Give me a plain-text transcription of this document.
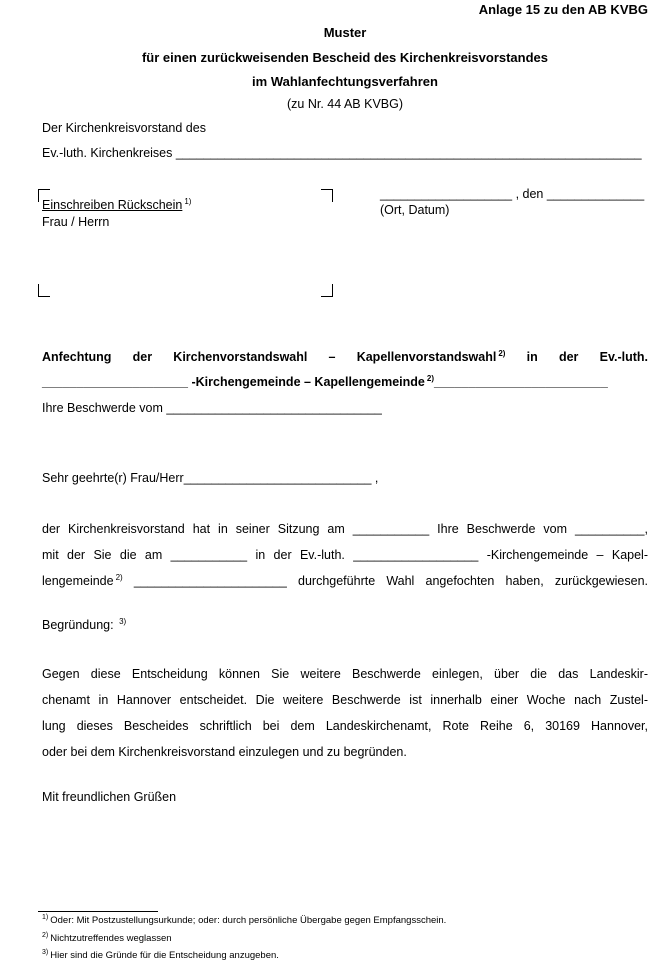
Anlage 15 zu den AB KVBG
Muster
für einen zurückweisenden Bescheid des Kirchenkreisvorstandes
im Wahlanfechtungsverfahren
(zu Nr. 44 AB KVBG)
Der Kirchenkreisvorstand des
Ev.-luth. Kirchenkreises ___________________________________________________________________
Einschreiben Rückschein $^{1)}$
Frau / Herrn
___________________ , den ______________
(Ort, Datum)
Anfechtung der Kirchenvorstandswahl – Kapellenvorstandswahl $^{2)}$ in der Ev.-luth.
_____________________ -Kirchengemeinde – Kapellengemeinde $^{2)}$_________________________
Ihre Beschwerde vom _______________________________
Sehr geehrte(r) Frau/Herr___________________________ ,
der Kirchenkreisvorstand hat in seiner Sitzung am ___________ Ihre Beschwerde vom __________,
mit der Sie die am ___________ in der Ev.-luth. __________________ -Kirchengemeinde – Kapel-
lengemeinde $^{2)}$ ______________________ durchgeführte Wahl angefochten haben, zurückgewiesen.
Begründung: $^{3)}$
Gegen diese Entscheidung können Sie weitere Beschwerde einlegen, über die das Landeskir-
chenamt in Hannover entscheidet. Die weitere Beschwerde ist innerhalb einer Woche nach Zustel-
lung dieses Bescheides schriftlich bei dem Landeskirchenamt, Rote Reihe 6, 30169 Hannover,
oder bei dem Kirchenkreisvorstand einzulegen und zu begründen.
Mit freundlichen Grüßen
$^{1)}$ Oder: Mit Postzustellungsurkunde; oder: durch persönliche Übergabe gegen Empfangsschein.
$^{2)}$ Nichtzutreffendes weglassen
$^{3)}$ Hier sind die Gründe für die Entscheidung anzugeben.
